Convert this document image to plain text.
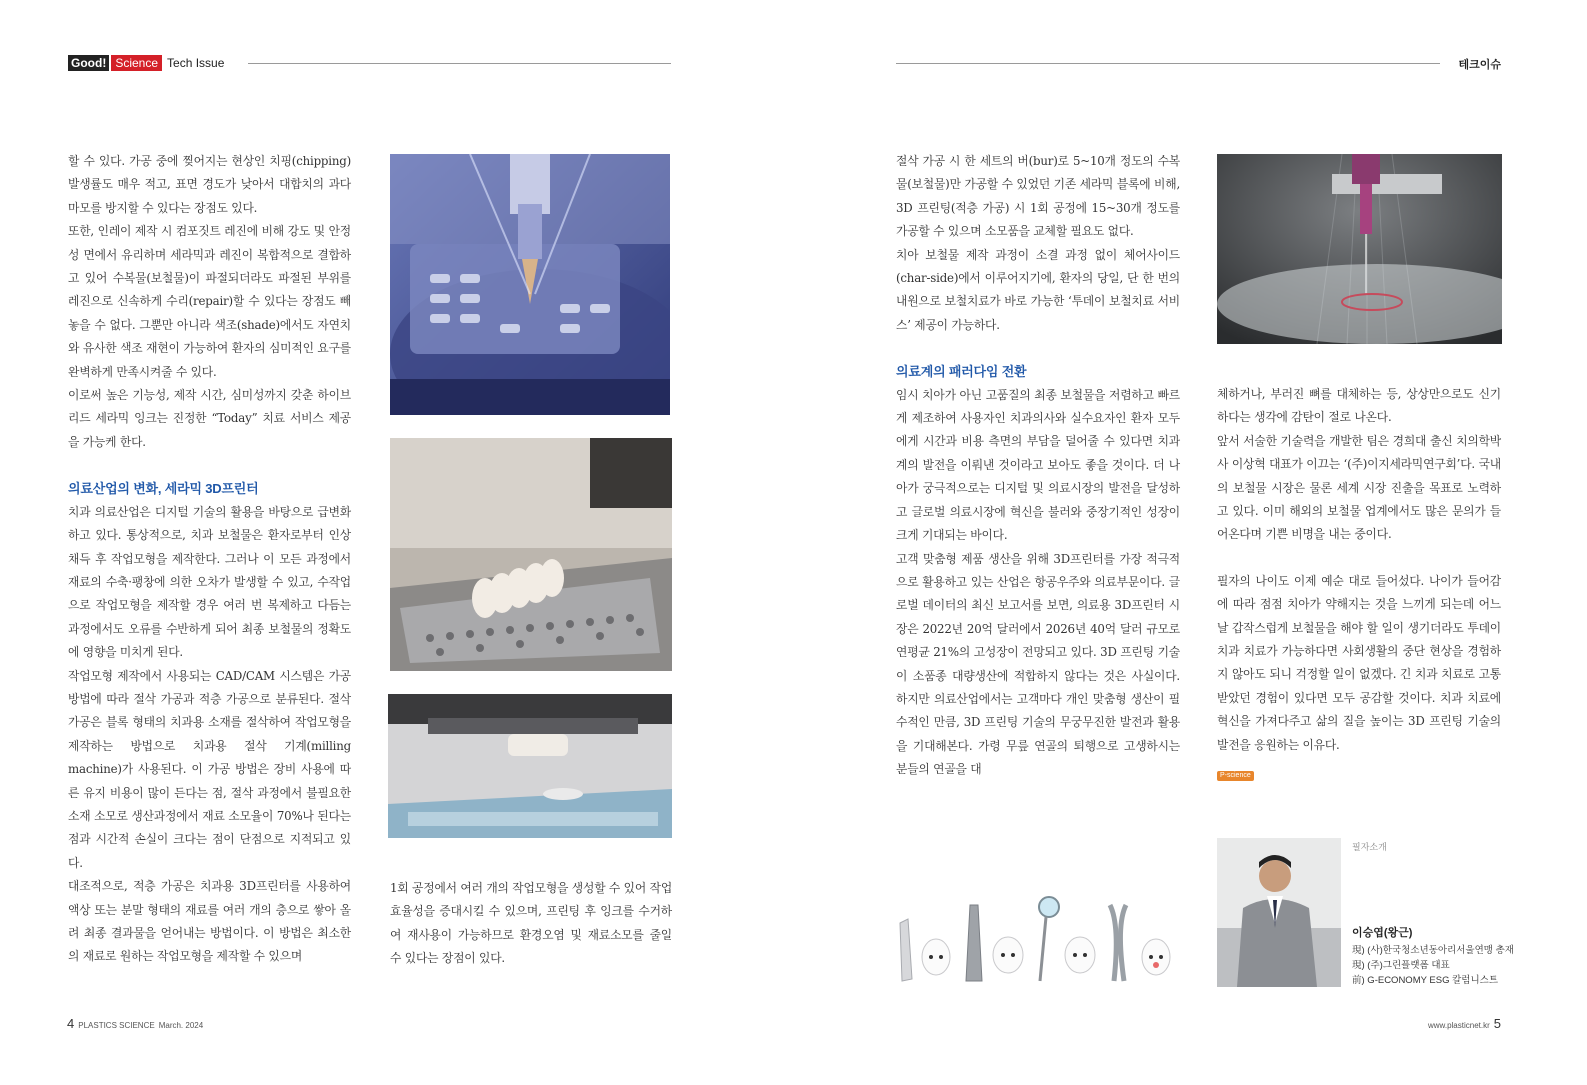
Good! Science Tech Issue	테크이슈

할 수 있다. 가공 중에 찢어지는 현상인 치핑(chipping) 발생률도 매우 적고, 표면 경도가 낮아서 대합치의 과다 마모를 방지할 수 있다는 장점도 있다.

또한, 인레이 제작 시 컴포짓트 레진에 비해 강도 및 안정성 면에서 유리하며 세라믹과 레진이 복합적으로 결합하고 있어 수복물(보철물)이 파절되더라도 파절된 부위를 레진으로 신속하게 수리(repair)할 수 있다는 장점도 빼놓을 수 없다. 그뿐만 아니라 색조(shade)에서도 자연치와 유사한 색조 재현이 가능하여 환자의 심미적인 요구를 완벽하게 만족시켜줄 수 있다.

이로써 높은 기능성, 제작 시간, 심미성까지 갖춘 하이브리드 세라믹 잉크는 진정한 “Today” 치료 서비스 제공을 가능케 한다.

의료산업의 변화, 세라믹 3D프린터

치과 의료산업은 디지털 기술의 활용을 바탕으로 급변화하고 있다. 통상적으로, 치과 보철물은 환자로부터 인상채득 후 작업모형을 제작한다. 그러나 이 모든 과정에서 재료의 수축·팽창에 의한 오차가 발생할 수 있고, 수작업으로 작업모형을 제작할 경우 여러 번 복제하고 다듬는 과정에서도 오류를 수반하게 되어 최종 보철물의 정확도에 영향을 미치게 된다.

작업모형 제작에서 사용되는 CAD/CAM 시스템은 가공 방법에 따라 절삭 가공과 적층 가공으로 분류된다. 절삭 가공은 블록 형태의 치과용 소재를 절삭하여 작업모형을 제작하는 방법으로 치과용 절삭 기계(milling machine)가 사용된다. 이 가공 방법은 장비 사용에 따른 유지 비용이 많이 든다는 점, 절삭 과정에서 불필요한 소재 소모로 생산과정에서 재료 소모율이 70%나 된다는 점과 시간적 손실이 크다는 점이 단점으로 지적되고 있다.

대조적으로, 적층 가공은 치과용 3D프린터를 사용하여 액상 또는 분말 형태의 재료를 여러 개의 층으로 쌓아 올려 최종 결과물을 얻어내는 방법이다. 이 방법은 최소한의 재료로 원하는 작업모형을 제작할 수 있으며

1회 공정에서 여러 개의 작업모형을 생성할 수 있어 작업 효율성을 증대시킬 수 있으며, 프린팅 후 잉크를 수거하여 재사용이 가능하므로 환경오염 및 재료소모를 줄일 수 있다는 장점이 있다.

절삭 가공 시 한 세트의 버(bur)로 5~10개 정도의 수복물(보철물)만 가공할 수 있었던 기존 세라믹 블록에 비해, 3D 프린팅(적층 가공) 시 1회 공정에 15~30개 정도를 가공할 수 있으며 소모품을 교체할 필요도 없다.

치아 보철물 제작 과정이 소결 과정 없이 체어사이드(char-side)에서 이루어지기에, 환자의 당일, 단 한 번의 내원으로 보철치료가 바로 가능한 ‘투데이 보철치료 서비스’ 제공이 가능하다.

의료계의 패러다임 전환

임시 치아가 아닌 고품질의 최종 보철물을 저렴하고 빠르게 제조하여 사용자인 치과의사와 실수요자인 환자 모두에게 시간과 비용 측면의 부담을 덜어줄 수 있다면 치과계의 발전을 이뤄낸 것이라고 보아도 좋을 것이다. 더 나아가 궁극적으로는 디지털 및 의료시장의 발전을 달성하고 글로벌 의료시장에 혁신을 불러와 중장기적인 성장이 크게 기대되는 바이다.

고객 맞춤형 제품 생산을 위해 3D프린터를 가장 적극적으로 활용하고 있는 산업은 항공우주와 의료부문이다. 글로벌 데이터의 최신 보고서를 보면, 의료용 3D프린터 시장은 2022년 20억 달러에서 2026년 40억 달러 규모로 연평균 21%의 고성장이 전망되고 있다. 3D 프린팅 기술이 소품종 대량생산에 적합하지 않다는 것은 사실이다. 하지만 의료산업에서는 고객마다 개인 맞춤형 생산이 필수적인 만큼, 3D 프린팅 기술의 무궁무진한 발전과 활용을 기대해본다. 가령 무릎 연골의 퇴행으로 고생하시는 분들의 연골을 대

체하거나, 부러진 뼈를 대체하는 등, 상상만으로도 신기하다는 생각에 감탄이 절로 나온다.

앞서 서술한 기술력을 개발한 팀은 경희대 출신 치의학박사 이상혁 대표가 이끄는 ‘(주)이지세라믹연구회’다. 국내의 보철물 시장은 물론 세계 시장 진출을 목표로 노력하고 있다. 이미 해외의 보철물 업계에서도 많은 문의가 들어온다며 기쁜 비명을 내는 중이다.

필자의 나이도 이제 예순 대로 들어섰다. 나이가 들어감에 따라 점점 치아가 약해지는 것을 느끼게 되는데 어느 날 갑작스럽게 보철물을 해야 할 일이 생기더라도 투데이 치과 치료가 가능하다면 사회생활의 중단 현상을 경험하지 않아도 되니 걱정할 일이 없겠다. 긴 치과 치료로 고통받았던 경험이 있다면 모두 공감할 것이다. 치과 치료에 혁신을 가져다주고 삶의 질을 높이는 3D 프린팅 기술의 발전을 응원하는 이유다.

P-science
필자소개
이승엽(왕근)
現) (사)한국청소년동아리서울연맹 총재
現) (주)그린플랫폼 대표
前) G-ECONOMY ESG 칼럼니스트
4 PLASTICS SCIENCE March. 2024	www.plasticnet.kr 5
